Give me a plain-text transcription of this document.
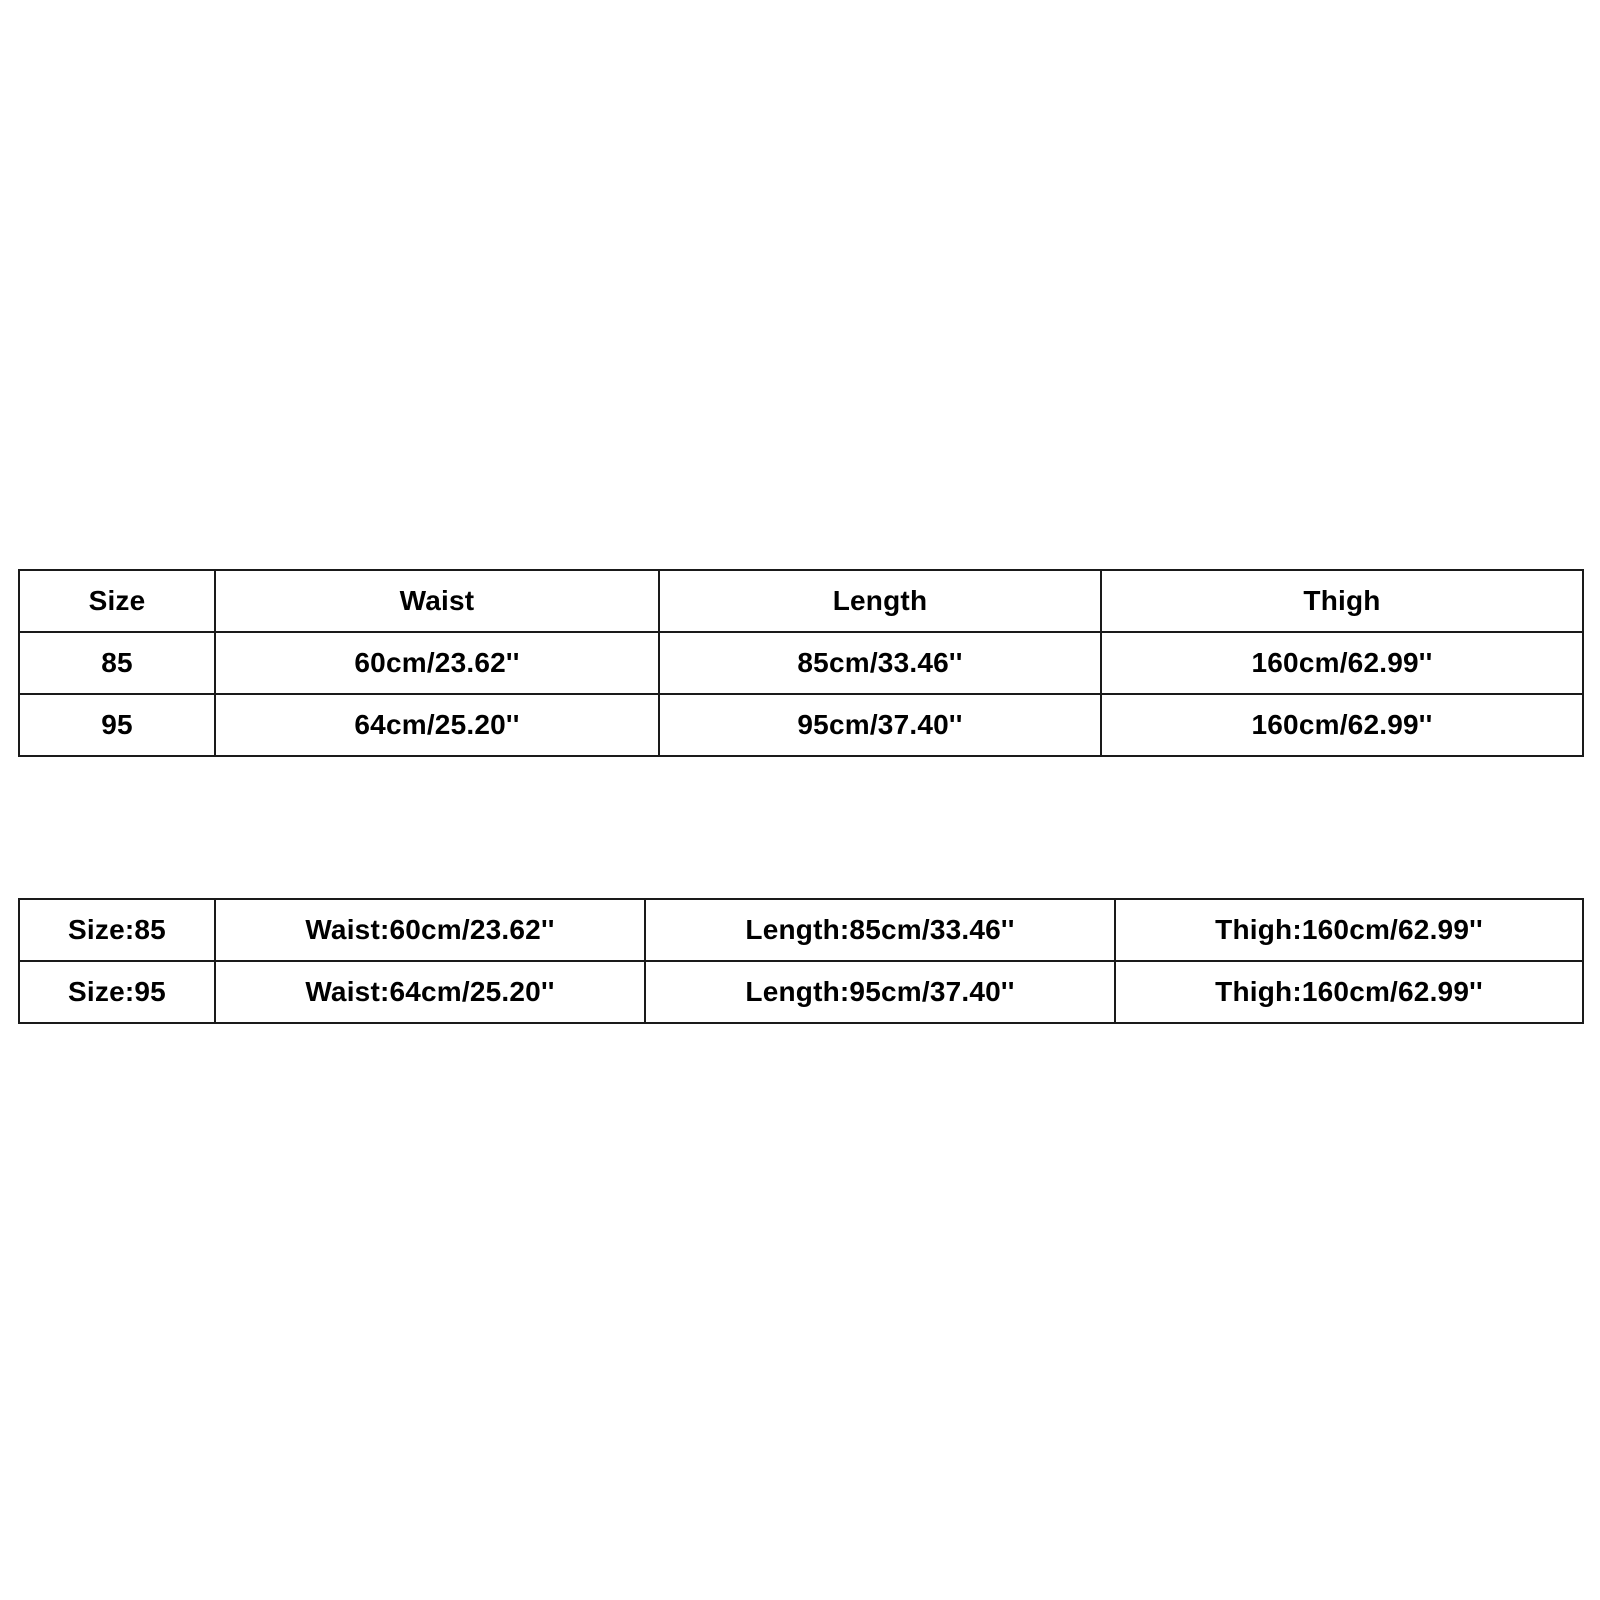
Size	Waist	Length	Thigh
85	60cm/23.62''	85cm/33.46''	160cm/62.99''
95	64cm/25.20''	95cm/37.40''	160cm/62.99''
Size:85	Waist:60cm/23.62''	Length:85cm/33.46''	Thigh:160cm/62.99''
Size:95	Waist:64cm/25.20''	Length:95cm/37.40''	Thigh:160cm/62.99''
